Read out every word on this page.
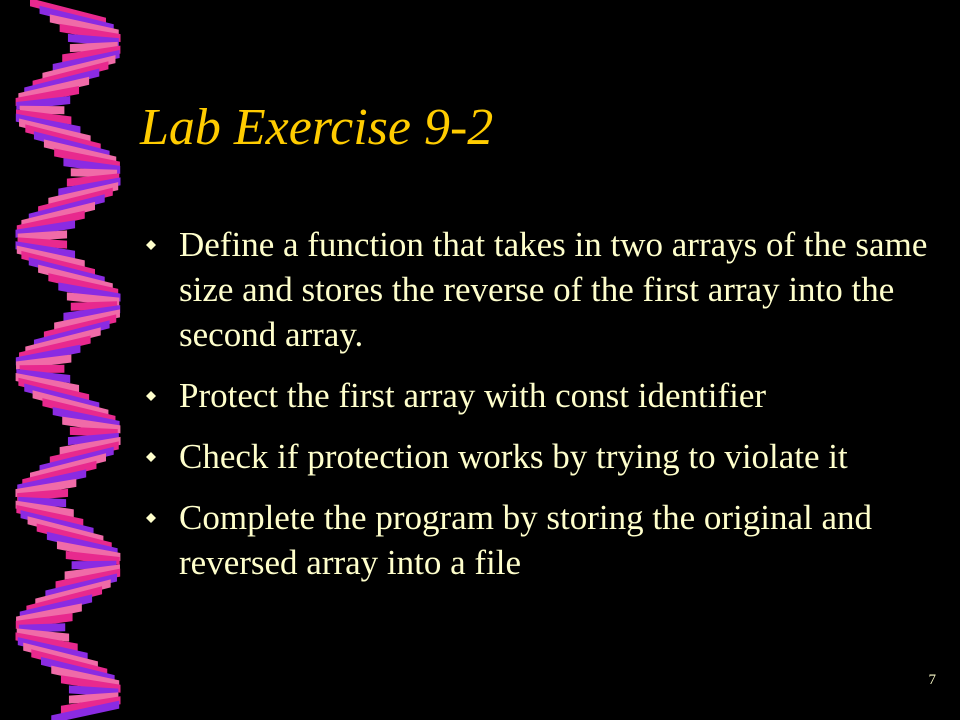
Lab Exercise 9-2
Define a function that takes in two arrays of the same size and stores the reverse of the first array into the second array.
Protect the first array with const identifier
Check if protection works by trying to violate it
Complete the program by storing the original and reversed array into a file
7
